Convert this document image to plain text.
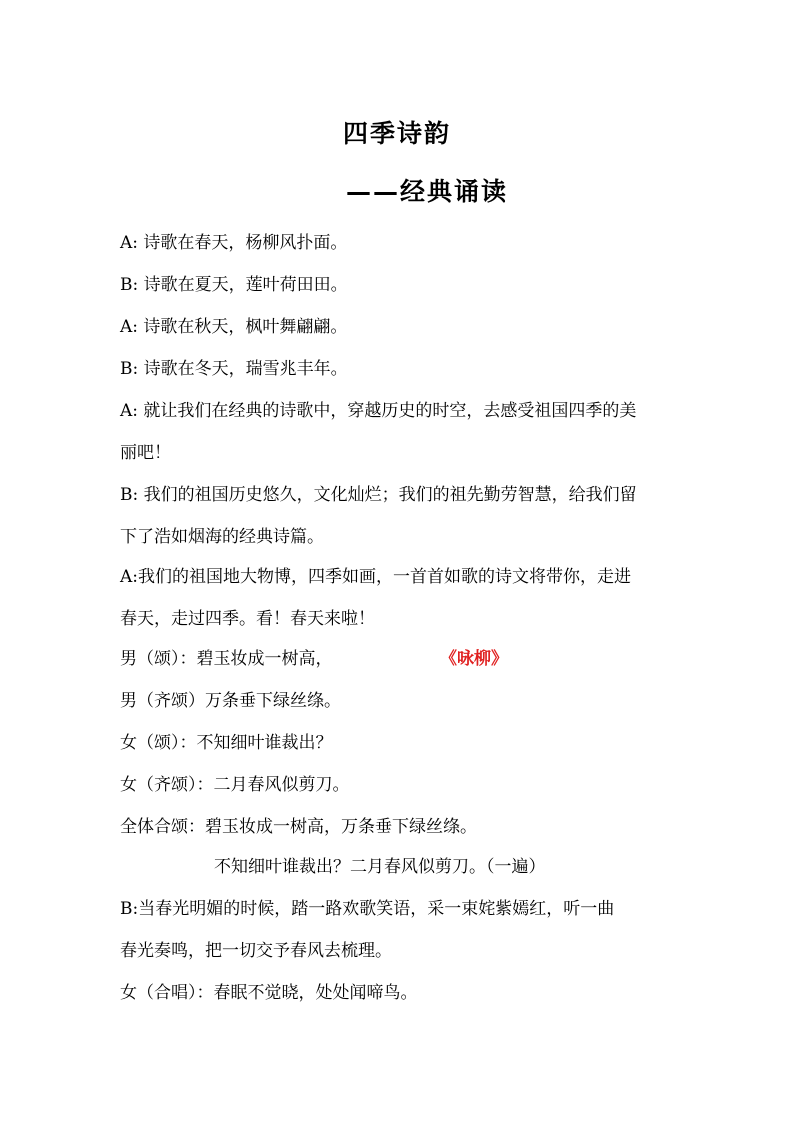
四季诗韵
——经典诵读
A: 诗歌在春天，杨柳风扑面。
B: 诗歌在夏天，莲叶荷田田。
A: 诗歌在秋天，枫叶舞翩翩。
B: 诗歌在冬天，瑞雪兆丰年。
A: 就让我们在经典的诗歌中，穿越历史的时空，去感受祖国四季的美
丽吧！
B: 我们的祖国历史悠久，文化灿烂；我们的祖先勤劳智慧，给我们留
下了浩如烟海的经典诗篇。
A:我们的祖国地大物博，四季如画，一首首如歌的诗文将带你，走进
春天，走过四季。看！春天来啦！
男（颂）：碧玉妆成一树高，	《咏柳》
男（齐颂）万条垂下绿丝绦。
女（颂）：不知细叶谁裁出？
女（齐颂）：二月春风似剪刀。
全体合颂：碧玉妆成一树高，万条垂下绿丝绦。
不知细叶谁裁出？二月春风似剪刀。（一遍）
B:当春光明媚的时候，踏一路欢歌笑语，采一束姹紫嫣红，听一曲
春光奏鸣，把一切交予春风去梳理。
女（合唱）：春眠不觉晓，处处闻啼鸟。
